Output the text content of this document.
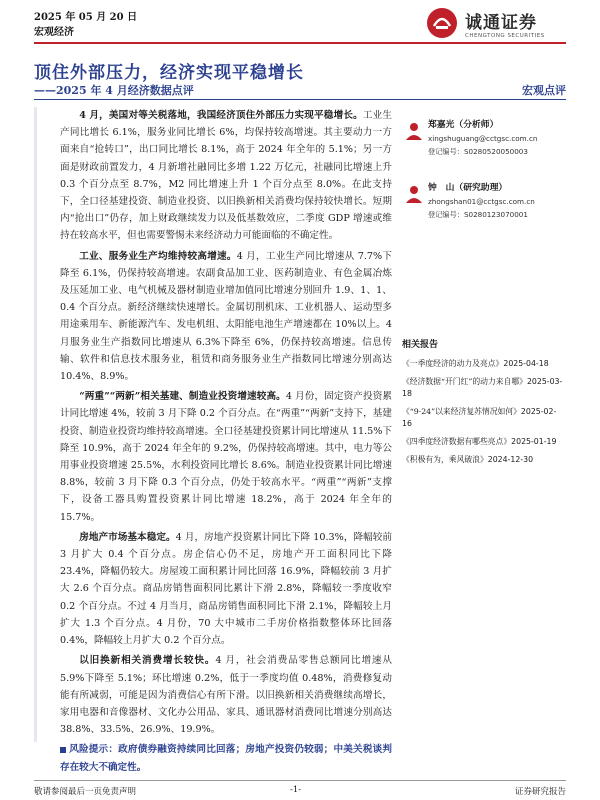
2025 年 05 月 20 日
宏观经济	诚通证券
CHENGTONG SECURITIES
顶住外部压力，经济实现平稳增长
——2025 年 4 月经济数据点评	宏观点评

4 月，美国对等关税落地，我国经济顶住外部压力实现平稳增长。工业生产同比增长 6.1%，服务业同比增长 6%，均保持较高增速。其主要动力一方面来自“抢转口”，出口同比增长 8.1%，高于 2024 年全年的 5.1%；另一方面是财政前置发力，4 月新增社融同比多增 1.22 万亿元，社融同比增速上升 0.3 个百分点至 8.7%，M2 同比增速上升 1 个百分点至 8.0%。在此支持下，全口径基建投资、制造业投资、以旧换新相关消费均保持较快增长。短期内“抢出口”仍存，加上财政继续发力以及低基数效应，二季度 GDP 增速或维持在较高水平，但也需要警惕未来经济动力可能面临的不确定性。

工业、服务业生产均维持较高增速。4 月，工业生产同比增速从 7.7%下降至 6.1%，仍保持较高增速。农副食品加工业、医药制造业、有色金属冶炼及压延加工业、电气机械及器材制造业增加值同比增速分别回升 1.9、1、1、0.4 个百分点。新经济继续快速增长。金属切削机床、工业机器人、运动型多用途乘用车、新能源汽车、发电机组、太阳能电池生产增速都在 10%以上。4 月服务业生产指数同比增速从 6.3%下降至 6%，仍保持较高增速。信息传输、软件和信息技术服务业，租赁和商务服务业生产指数同比增速分别高达 10.4%、8.9%。

“两重”“两新”相关基建、制造业投资增速较高。4 月份，固定资产投资累计同比增速 4%，较前 3 月下降 0.2 个百分点。在“两重”“两新”支持下，基建投资、制造业投资均维持较高增速。全口径基建投资累计同比增速从 11.5%下降至 10.9%，高于 2024 年全年的 9.2%，仍保持较高增速。其中，电力等公用事业投资增速 25.5%，水利投资同比增长 8.6%。制造业投资累计同比增速 8.8%，较前 3 月下降 0.3 个百分点，仍处于较高水平。“两重”“两新”支撑下，设备工器具购置投资累计同比增速 18.2%，高于 2024 年全年的 15.7%。

房地产市场基本稳定。4 月，房地产投资累计同比下降 10.3%，降幅较前 3 月扩大 0.4 个百分点。房企信心仍不足，房地产开工面积同比下降 23.4%，降幅仍较大。房屋竣工面积累计同比回落 16.9%，降幅较前 3 月扩大 2.6 个百分点。商品房销售面积同比累计下滑 2.8%，降幅较一季度收窄 0.2 个百分点。不过 4 月当月，商品房销售面积同比下滑 2.1%，降幅较上月扩大 1.3 个百分点。4 月份，70 大中城市二手房价格指数整体环比回落 0.4%，降幅较上月扩大 0.2 个百分点。

以旧换新相关消费增长较快。4 月，社会消费品零售总额同比增速从 5.9%下降至 5.1%；环比增速 0.2%，低于一季度均值 0.48%，消费修复动能有所减弱，可能是因为消费信心有所下滑。以旧换新相关消费继续高增长，家用电器和音像器材、文化办公用品、家具、通讯器材消费同比增速分别高达 38.8%、33.5%、26.9%、19.9%。

风险提示：政府债券融资持续同比回落；房地产投资仍较弱；中美关税谈判存在较大不确定性。

郑嘉光（分析师）
xingshuguang@cctgsc.com.cn
登记编号：S0280520050003
钟　山（研究助理）
zhongshan01@cctgsc.com.cn
登记编号：S0280123070001
相关报告
《一季度经济的动力及亮点》2025-04-18
《经济数据“开门红”的动力来自哪》2025-03-18
《“9·24”以来经济复苏情况如何》2025-02-16
《四季度经济数据有哪些亮点》2025-01-19
《积极有为，乘风破浪》2024-12-30
敬请参阅最后一页免责声明	-1-	证券研究报告
